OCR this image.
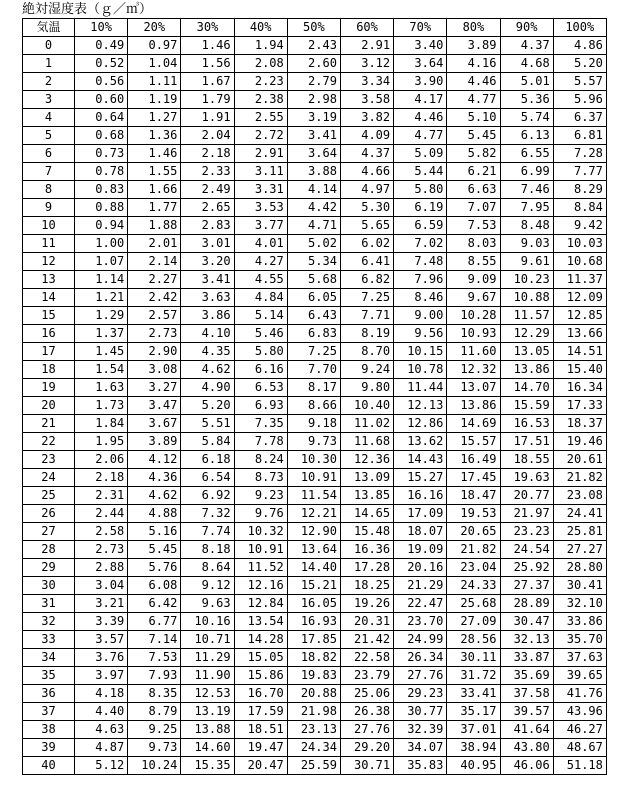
絶対湿度表（ｇ／㎥）
気温	10%	20%	30%	40%	50%	60%	70%	80%	90%	100%
0	0.49	0.97	1.46	1.94	2.43	2.91	3.40	3.89	4.37	4.86
1	0.52	1.04	1.56	2.08	2.60	3.12	3.64	4.16	4.68	5.20
2	0.56	1.11	1.67	2.23	2.79	3.34	3.90	4.46	5.01	5.57
3	0.60	1.19	1.79	2.38	2.98	3.58	4.17	4.77	5.36	5.96
4	0.64	1.27	1.91	2.55	3.19	3.82	4.46	5.10	5.74	6.37
5	0.68	1.36	2.04	2.72	3.41	4.09	4.77	5.45	6.13	6.81
6	0.73	1.46	2.18	2.91	3.64	4.37	5.09	5.82	6.55	7.28
7	0.78	1.55	2.33	3.11	3.88	4.66	5.44	6.21	6.99	7.77
8	0.83	1.66	2.49	3.31	4.14	4.97	5.80	6.63	7.46	8.29
9	0.88	1.77	2.65	3.53	4.42	5.30	6.19	7.07	7.95	8.84
10	0.94	1.88	2.83	3.77	4.71	5.65	6.59	7.53	8.48	9.42
11	1.00	2.01	3.01	4.01	5.02	6.02	7.02	8.03	9.03	10.03
12	1.07	2.14	3.20	4.27	5.34	6.41	7.48	8.55	9.61	10.68
13	1.14	2.27	3.41	4.55	5.68	6.82	7.96	9.09	10.23	11.37
14	1.21	2.42	3.63	4.84	6.05	7.25	8.46	9.67	10.88	12.09
15	1.29	2.57	3.86	5.14	6.43	7.71	9.00	10.28	11.57	12.85
16	1.37	2.73	4.10	5.46	6.83	8.19	9.56	10.93	12.29	13.66
17	1.45	2.90	4.35	5.80	7.25	8.70	10.15	11.60	13.05	14.51
18	1.54	3.08	4.62	6.16	7.70	9.24	10.78	12.32	13.86	15.40
19	1.63	3.27	4.90	6.53	8.17	9.80	11.44	13.07	14.70	16.34
20	1.73	3.47	5.20	6.93	8.66	10.40	12.13	13.86	15.59	17.33
21	1.84	3.67	5.51	7.35	9.18	11.02	12.86	14.69	16.53	18.37
22	1.95	3.89	5.84	7.78	9.73	11.68	13.62	15.57	17.51	19.46
23	2.06	4.12	6.18	8.24	10.30	12.36	14.43	16.49	18.55	20.61
24	2.18	4.36	6.54	8.73	10.91	13.09	15.27	17.45	19.63	21.82
25	2.31	4.62	6.92	9.23	11.54	13.85	16.16	18.47	20.77	23.08
26	2.44	4.88	7.32	9.76	12.21	14.65	17.09	19.53	21.97	24.41
27	2.58	5.16	7.74	10.32	12.90	15.48	18.07	20.65	23.23	25.81
28	2.73	5.45	8.18	10.91	13.64	16.36	19.09	21.82	24.54	27.27
29	2.88	5.76	8.64	11.52	14.40	17.28	20.16	23.04	25.92	28.80
30	3.04	6.08	9.12	12.16	15.21	18.25	21.29	24.33	27.37	30.41
31	3.21	6.42	9.63	12.84	16.05	19.26	22.47	25.68	28.89	32.10
32	3.39	6.77	10.16	13.54	16.93	20.31	23.70	27.09	30.47	33.86
33	3.57	7.14	10.71	14.28	17.85	21.42	24.99	28.56	32.13	35.70
34	3.76	7.53	11.29	15.05	18.82	22.58	26.34	30.11	33.87	37.63
35	3.97	7.93	11.90	15.86	19.83	23.79	27.76	31.72	35.69	39.65
36	4.18	8.35	12.53	16.70	20.88	25.06	29.23	33.41	37.58	41.76
37	4.40	8.79	13.19	17.59	21.98	26.38	30.77	35.17	39.57	43.96
38	4.63	9.25	13.88	18.51	23.13	27.76	32.39	37.01	41.64	46.27
39	4.87	9.73	14.60	19.47	24.34	29.20	34.07	38.94	43.80	48.67
40	5.12	10.24	15.35	20.47	25.59	30.71	35.83	40.95	46.06	51.18
